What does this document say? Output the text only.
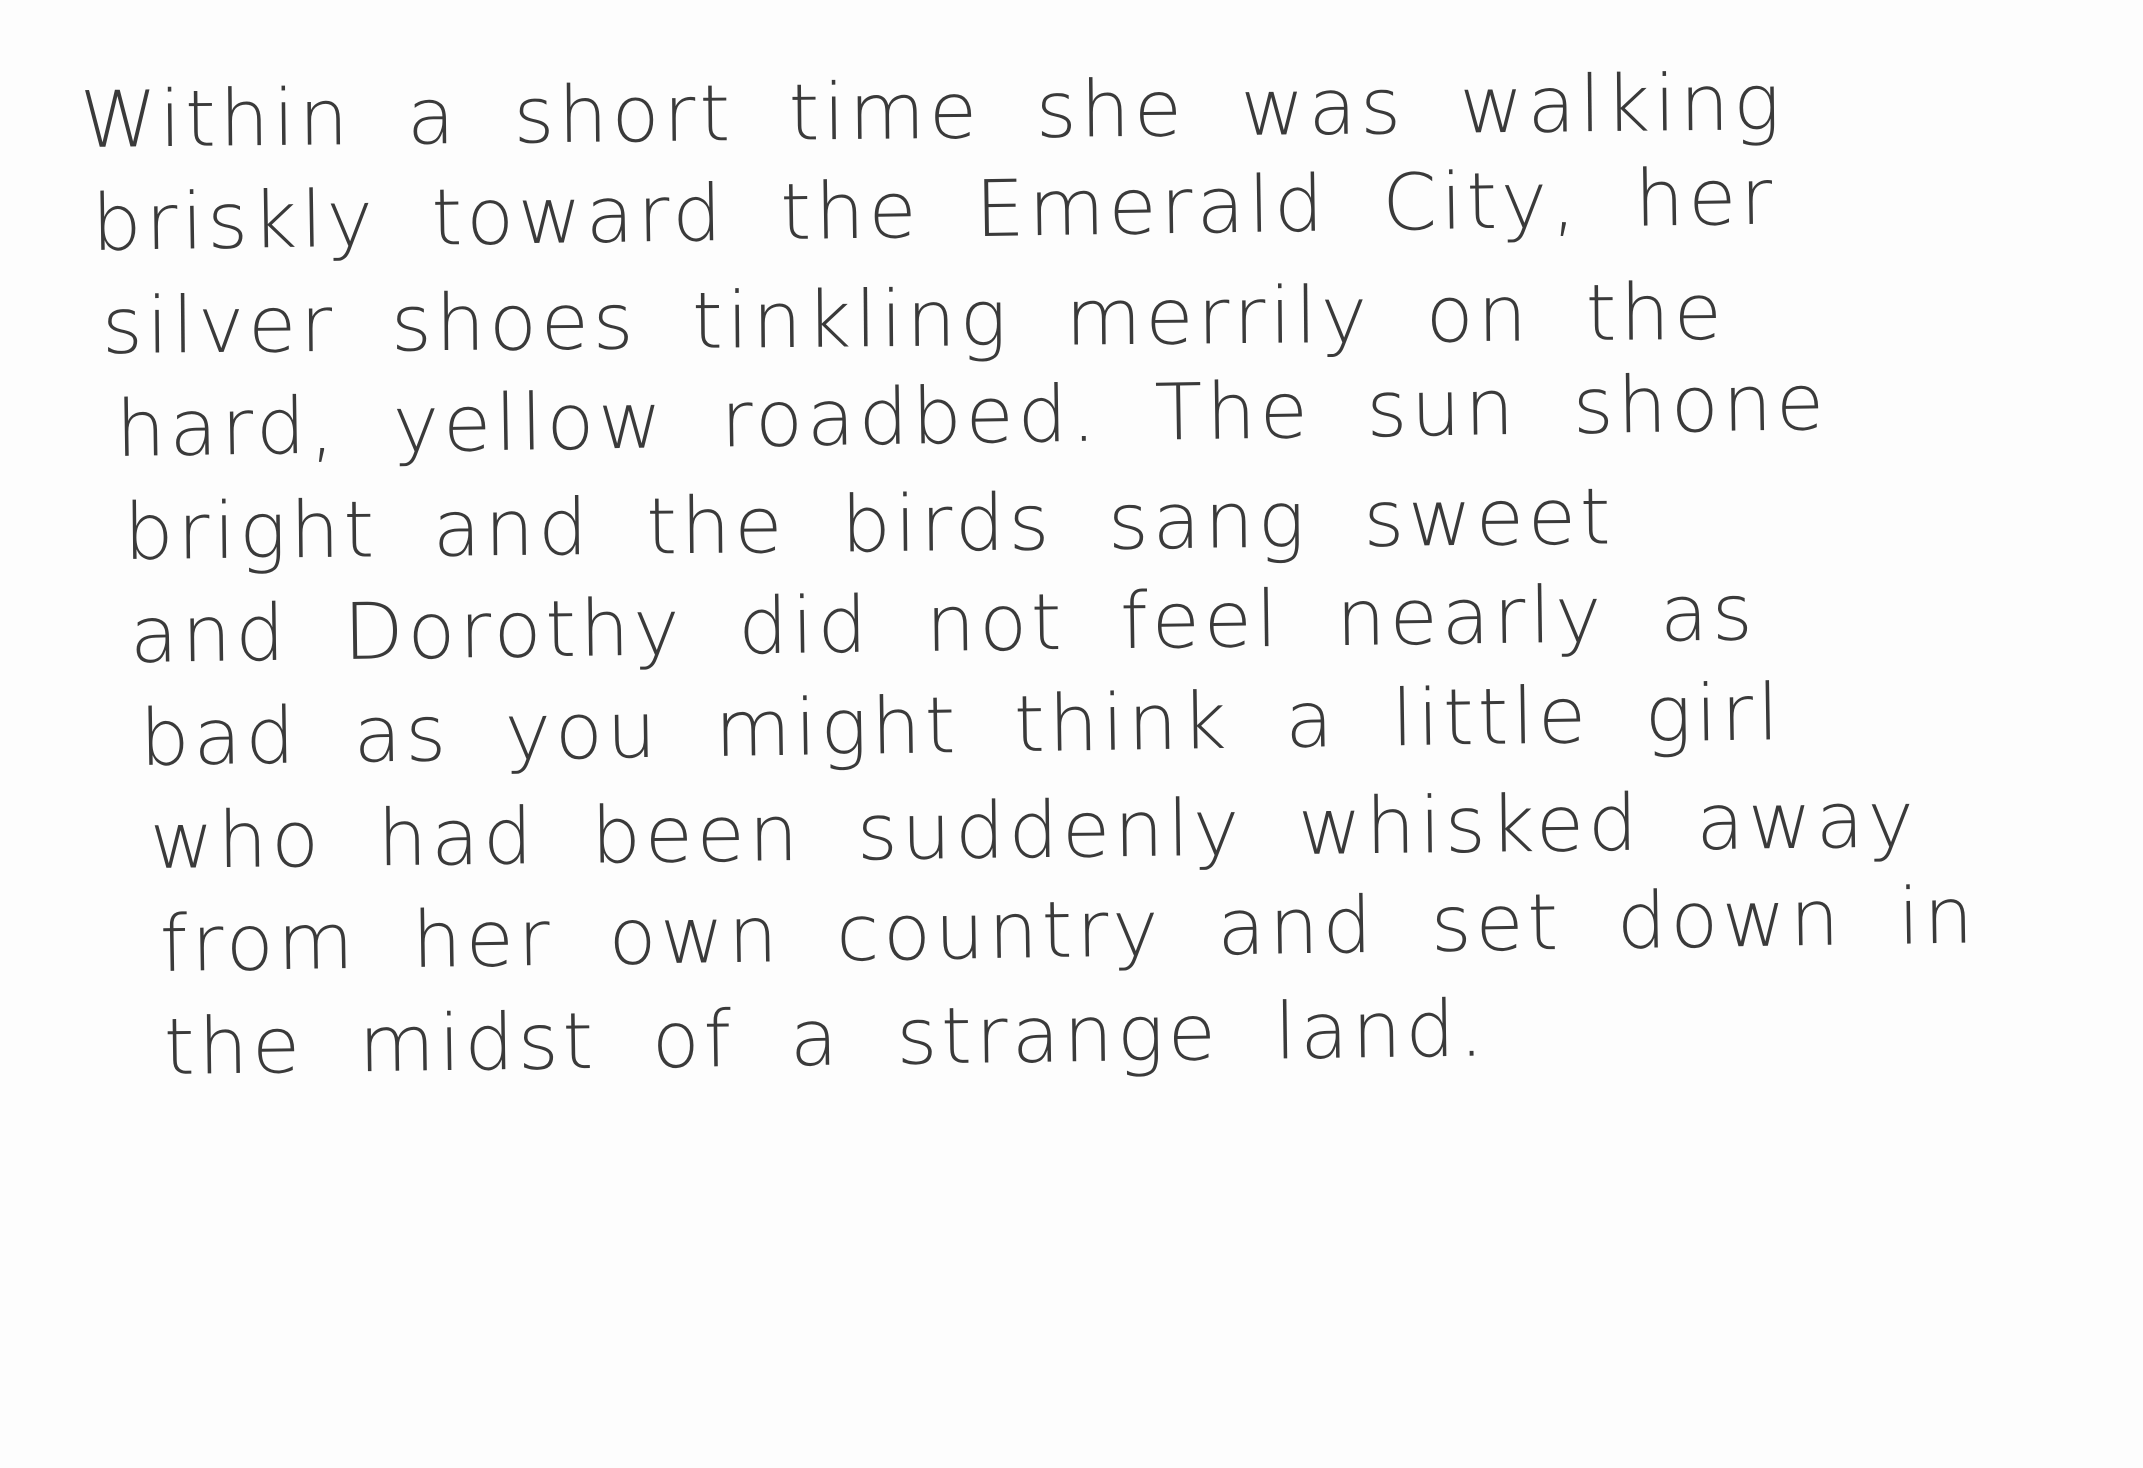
Within a short time she was walking
briskly toward the Emerald City, her
silver shoes tinkling merrily on the
hard, yellow roadbed. The sun shone
bright and the birds sang sweet
and Dorothy did not feel nearly as
bad as you might think a little girl
who had been suddenly whisked away
from her own country and set down in
the midst of a strange land.
